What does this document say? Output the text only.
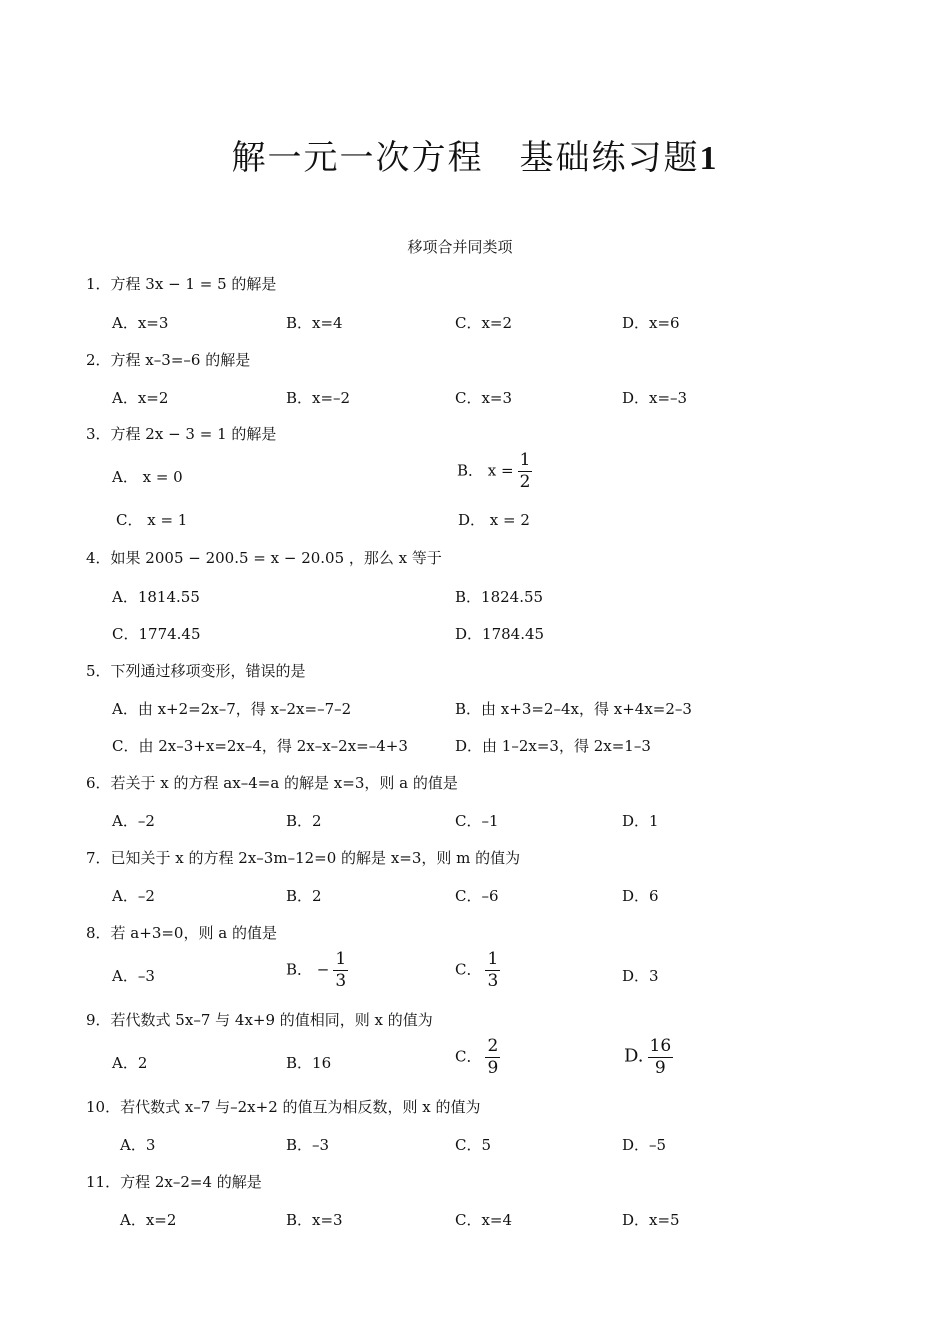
解一元一次方程　基础练习题1
移项合并同类项
1．方程 3x − 1 = 5 的解是
A．x=3	B．x=4	C．x=2	D．x=6
2．方程 x–3=–6 的解是
A．x=2	B．x=–2	C．x=3	D．x=–3
3．方程 2x − 3 = 1 的解是
A． x = 0	B． $x = \frac{1}{2}$
C． x = 1	D． x = 2
4．如果 2005 − 200.5 = x − 20.05 ，那么 x 等于
A．1814.55	B．1824.55
C．1774.45	D．1784.45
5．下列通过移项变形，错误的是
A．由 x+2=2x–7，得 x–2x=–7–2	B．由 x+3=2–4x，得 x+4x=2–3
C．由 2x–3+x=2x–4，得 2x–x–2x=–4+3	D．由 1–2x=3，得 2x=1–3
6．若关于 x 的方程 ax–4=a 的解是 x=3，则 a 的值是
A．–2	B．2	C．–1	D．1
7．已知关于 x 的方程 2x–3m–12=0 的解是 x=3，则 m 的值为
A．–2	B．2	C．–6	D．6
8．若 a+3=0，则 a 的值是
A．–3	B． − $\frac{1}{3}$	C． $\frac{1}{3}$	D．3
9．若代数式 5x–7 与 4x+9 的值相同，则 x 的值为
A．2	B．16	C． $\frac{2}{9}$	D. $\frac{16}{9}$
10．若代数式 x–7 与–2x+2 的值互为相反数，则 x 的值为
A．3	B．–3	C．5	D．–5
11．方程 2x–2=4 的解是
A．x=2	B．x=3	C．x=4	D．x=5
